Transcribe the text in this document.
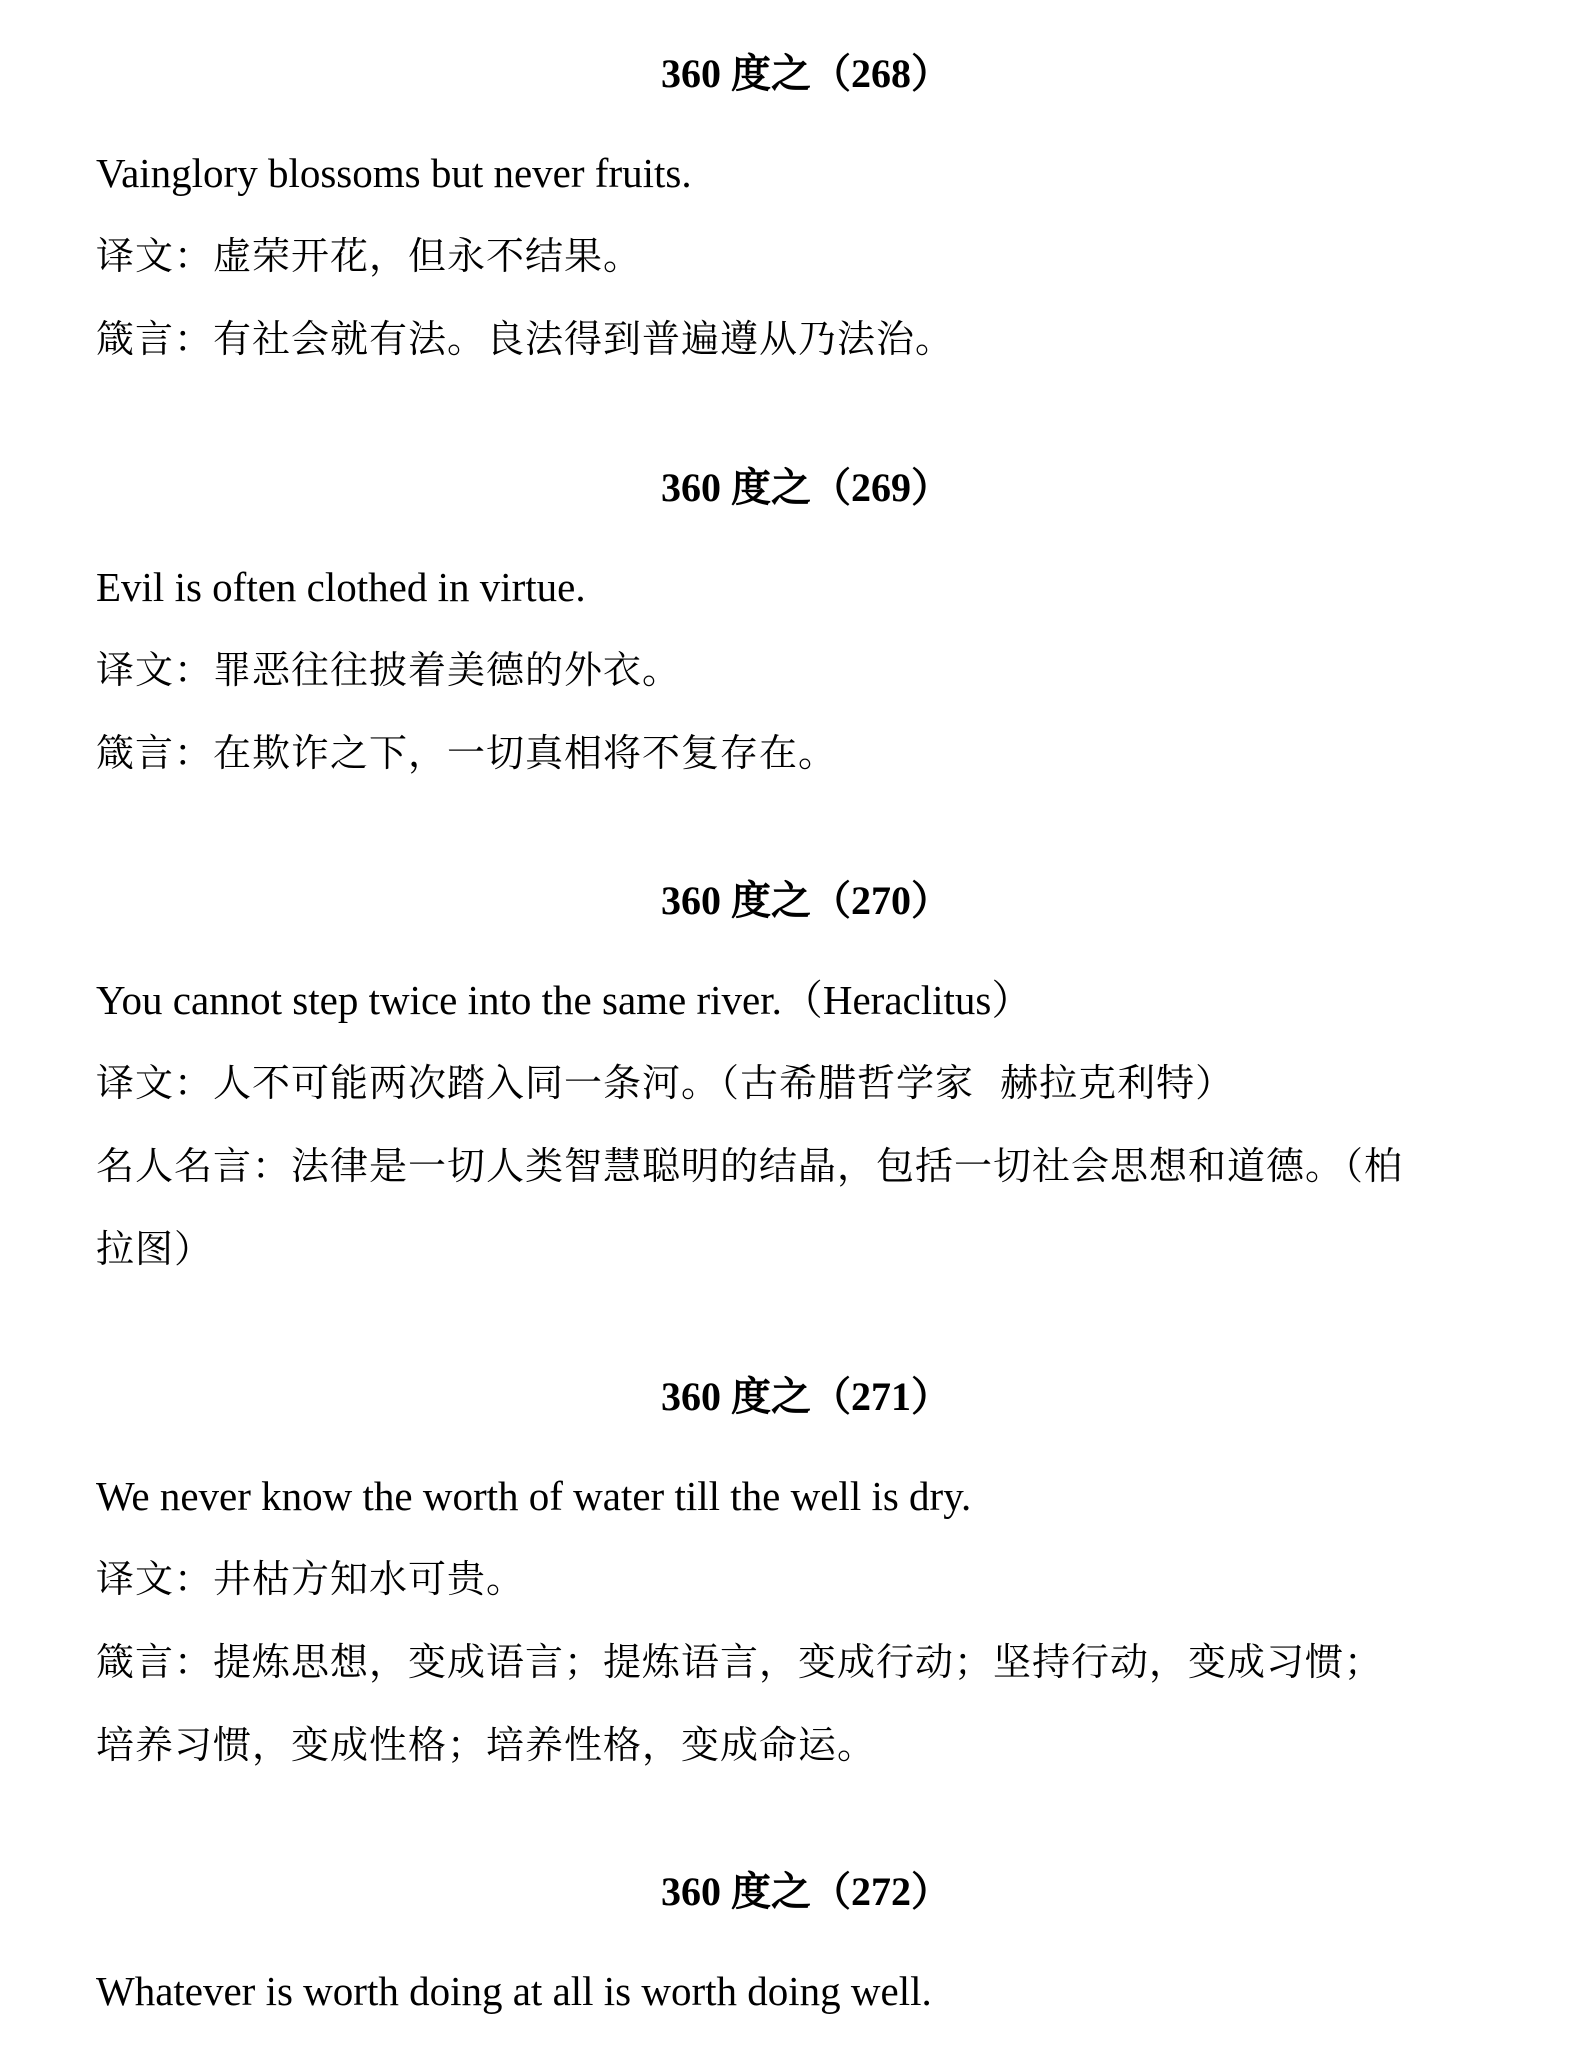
360 度之（268）

Vainglory blossoms but never fruits.

译文：虚荣开花，但永不结果。

箴言：有社会就有法。良法得到普遍遵从乃法治。

360 度之（269）

Evil is often clothed in virtue.

译文：罪恶往往披着美德的外衣。

箴言：在欺诈之下，一切真相将不复存在。

360 度之（270）

You cannot step twice into the same river.（Heraclitus）

译文：人不可能两次踏入同一条河。（古希腊哲学家  赫拉克利特）

名人名言：法律是一切人类智慧聪明的结晶，包括一切社会思想和道德。（柏

拉图）

360 度之（271）

We never know the worth of water till the well is dry.

译文：井枯方知水可贵。

箴言：提炼思想，变成语言；提炼语言，变成行动；坚持行动，变成习惯；

培养习惯，变成性格；培养性格，变成命运。

360 度之（272）

Whatever is worth doing at all is worth doing well.
